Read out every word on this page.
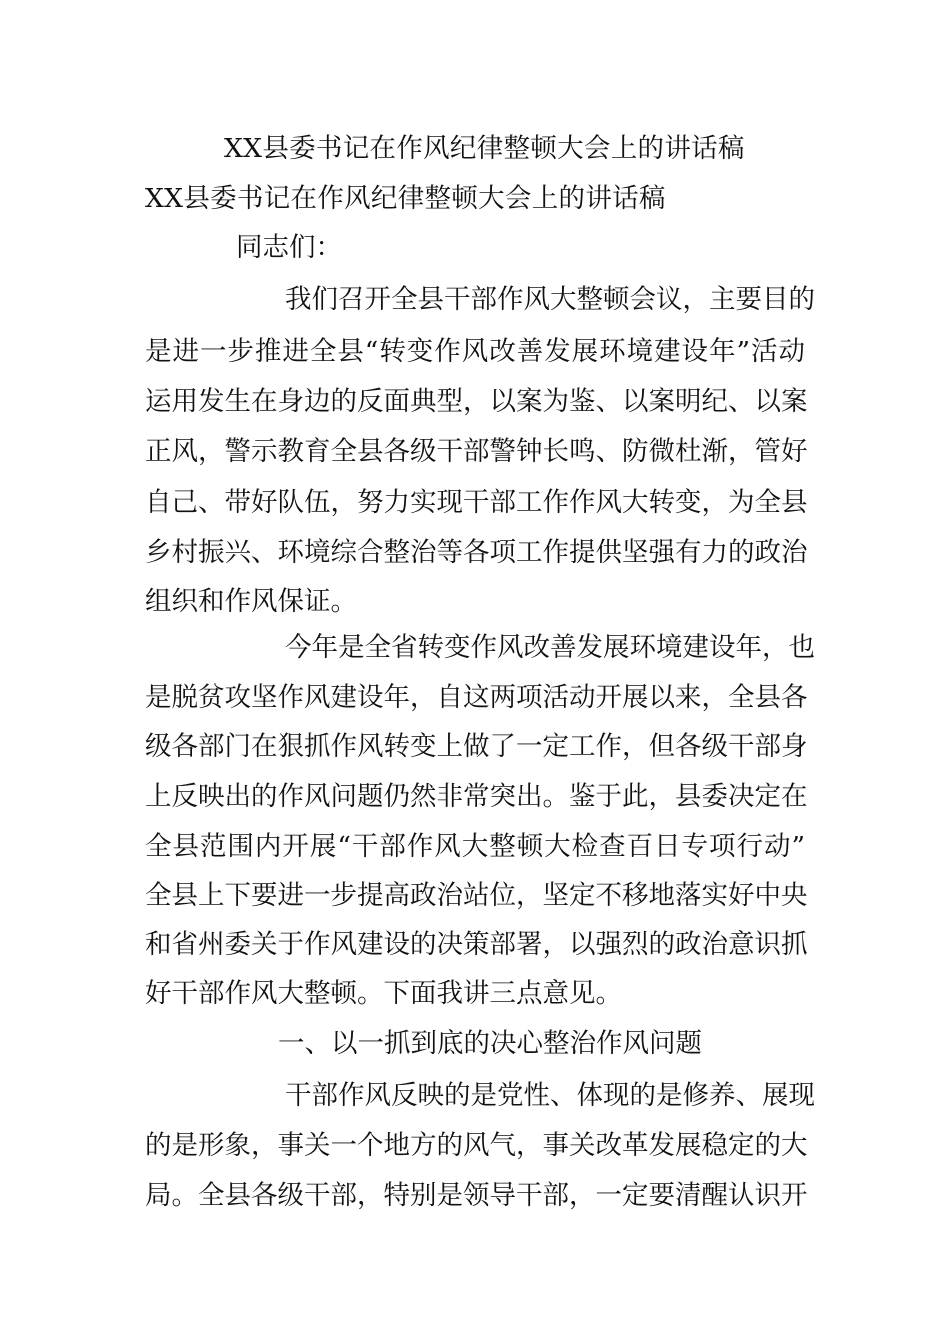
XX县委书记在作风纪律整顿大会上的讲话稿
XX县委书记在作风纪律整顿大会上的讲话稿
同志们：
我们召开全县干部作风大整顿会议，主要目的
是进一步推进全县“转变作风改善发展环境建设年”活动
运用发生在身边的反面典型，以案为鉴、以案明纪、以案
正风，警示教育全县各级干部警钟长鸣、防微杜渐，管好
自己、带好队伍，努力实现干部工作作风大转变，为全县
乡村振兴、环境综合整治等各项工作提供坚强有力的政治
组织和作风保证。
今年是全省转变作风改善发展环境建设年，也
是脱贫攻坚作风建设年，自这两项活动开展以来，全县各
级各部门在狠抓作风转变上做了一定工作，但各级干部身
上反映出的作风问题仍然非常突出。鉴于此，县委决定在
全县范围内开展“干部作风大整顿大检查百日专项行动”
全县上下要进一步提高政治站位，坚定不移地落实好中央
和省州委关于作风建设的决策部署，以强烈的政治意识抓
好干部作风大整顿。下面我讲三点意见。
一、以一抓到底的决心整治作风问题
干部作风反映的是党性、体现的是修养、展现
的是形象，事关一个地方的风气，事关改革发展稳定的大
局。全县各级干部，特别是领导干部，一定要清醒认识开
